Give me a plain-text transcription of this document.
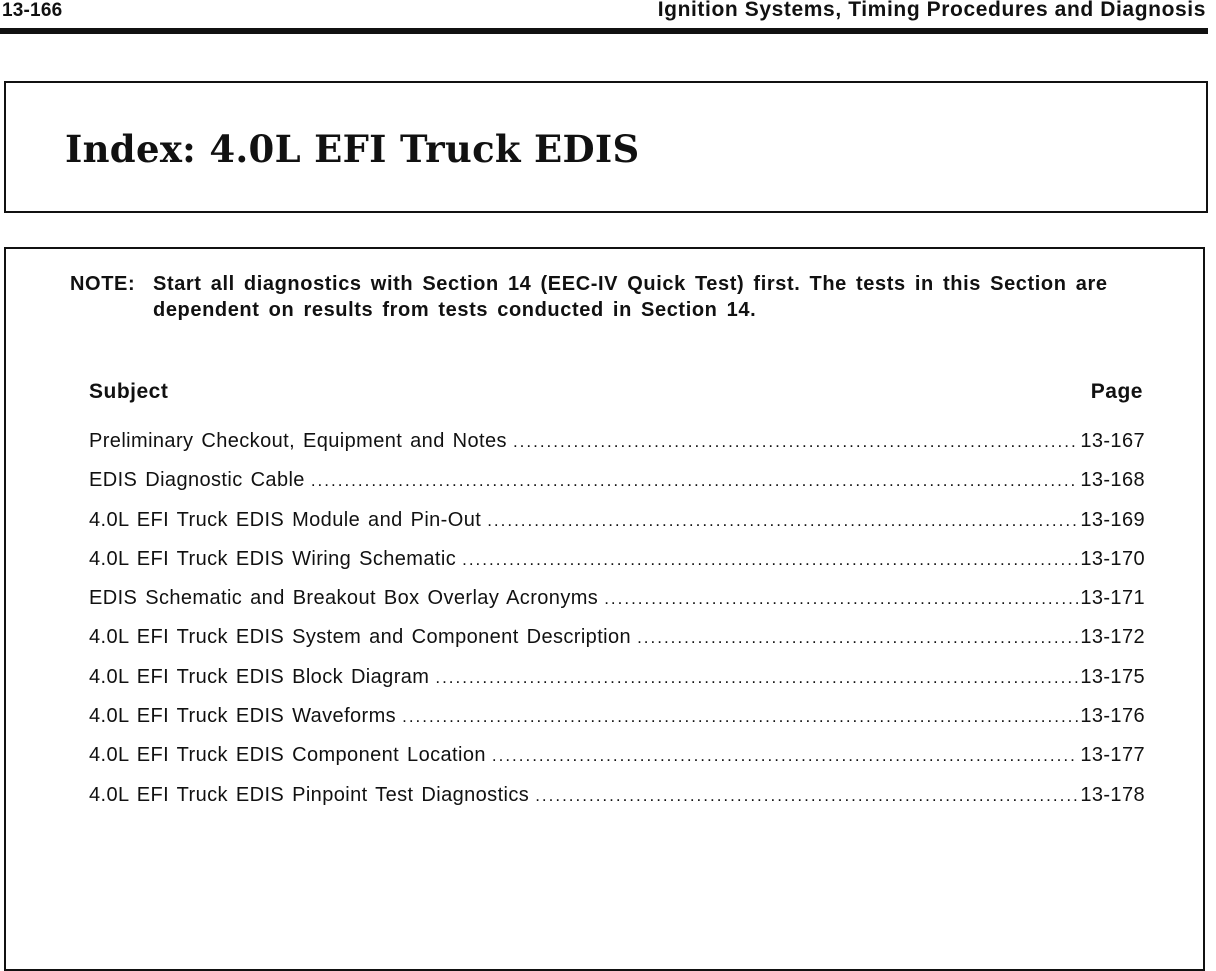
13-166	Ignition Systems, Timing Procedures and Diagnosis
Index: 4.0L EFI Truck EDIS
NOTE: Start all diagnostics with Section 14 (EEC-IV Quick Test) first. The tests in this Section are dependent on results from tests conducted in Section 14.
Subject	Page
Preliminary Checkout, Equipment and Notes .....	13-167
EDIS Diagnostic Cable .....	13-168
4.0L EFI Truck EDIS Module and Pin-Out .....	13-169
4.0L EFI Truck EDIS Wiring Schematic .....	13-170
EDIS Schematic and Breakout Box Overlay Acronyms .....	13-171
4.0L EFI Truck EDIS System and Component Description .....	13-172
4.0L EFI Truck EDIS Block Diagram .....	13-175
4.0L EFI Truck EDIS Waveforms .....	13-176
4.0L EFI Truck EDIS Component Location .....	13-177
4.0L EFI Truck EDIS Pinpoint Test Diagnostics .....	13-178
